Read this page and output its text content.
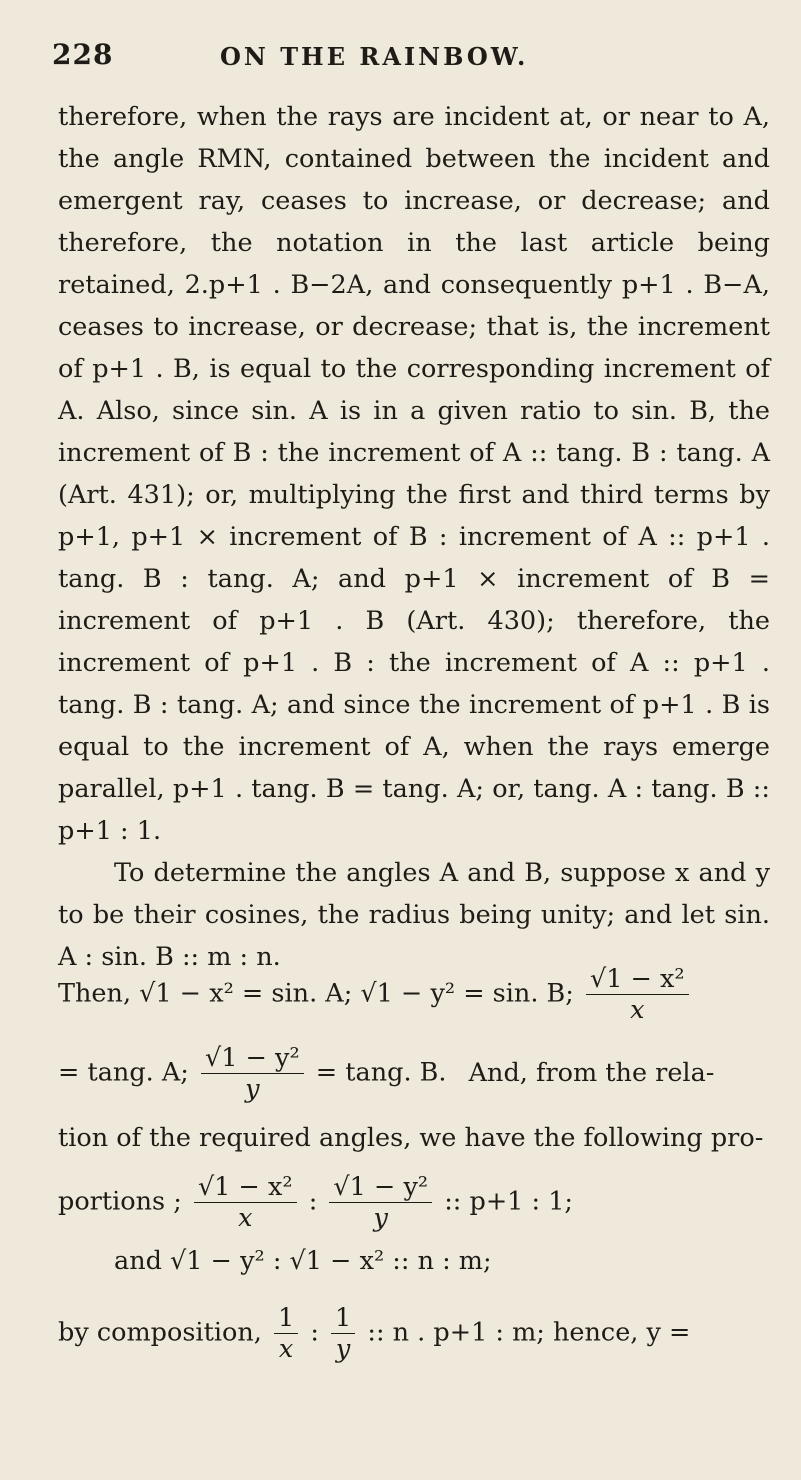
228	ON THE RAINBOW.

therefore, when the rays are incident at, or near to A, the angle RMN, contained between the incident and emergent ray, ceases to increase, or decrease; and therefore, the notation in the last article being retained, 2.p+1 . B−2A, and consequently p+1 . B−A, ceases to increase, or decrease; that is, the increment of p+1 . B, is equal to the corresponding increment of A. Also, since sin. A is in a given ratio to sin. B, the increment of B : the increment of A :: tang. B : tang. A (Art. 431); or, multiplying the first and third terms by p+1, p+1 × increment of B : increment of A :: p+1 . tang. B : tang. A; and p+1 × increment of B = increment of p+1 . B (Art. 430); therefore, the increment of p+1 . B : the increment of A :: p+1 . tang. B : tang. A; and since the increment of p+1 . B is equal to the increment of A, when the rays emerge parallel, p+1 . tang. B = tang. A; or, tang. A : tang. B :: p+1 : 1.

To determine the angles A and B, suppose x and y to be their cosines, the radius being unity; and let sin. A : sin. B :: m : n.

Then, √1 − x² = sin. A; √1 − y² = sin. B; $\frac{\text{√1 − x²}}{x}$
= tang. A; $\frac{\text{√1 − y²}}{y} = \tan g$. B. And, from the rela-
tion of the required angles, we have the following pro-
portions ; $\frac{\text{√1 − x²}}{x}$ : $\frac{\text{√1 − y²}}{y}$ :: p+1 : 1;
and √1 − y² : √1 − x² :: n : m;
by composition, $\frac{1}{x}$ : $\frac{1}{y}$ :: n . p+1 : m; hence, y =
